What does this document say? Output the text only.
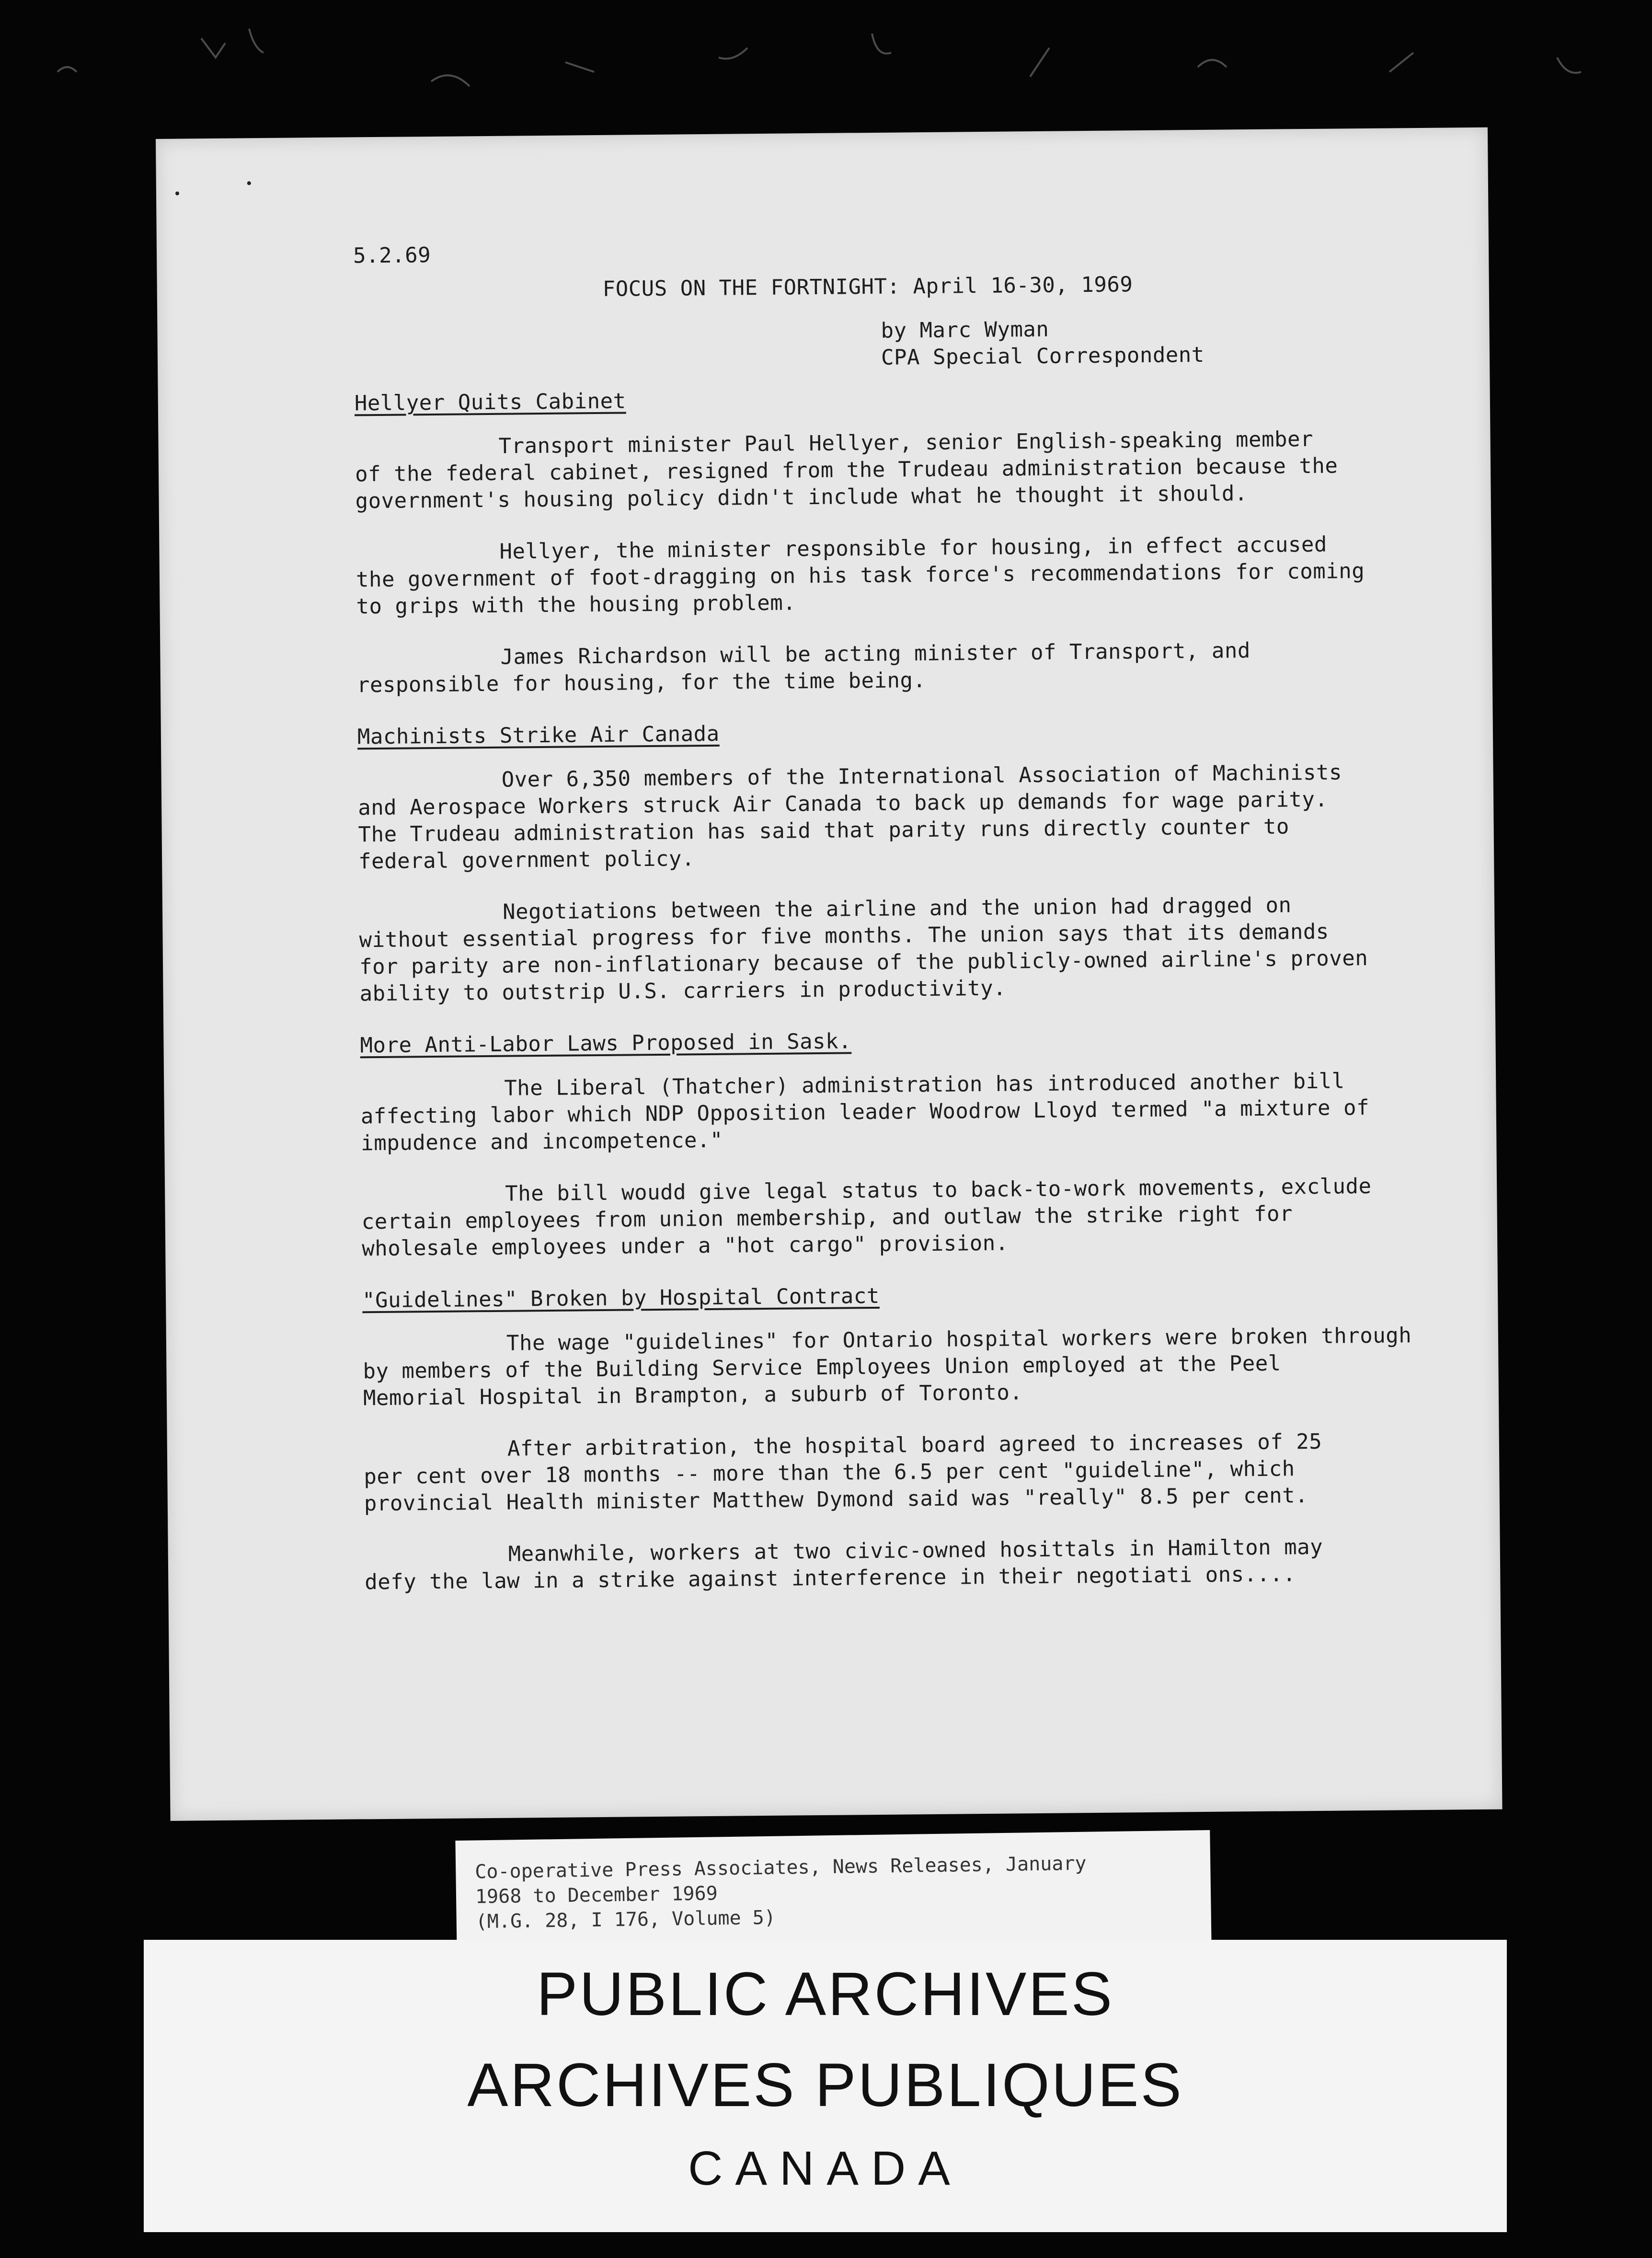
5.2.69
FOCUS ON THE FORTNIGHT: April 16-30, 1969
by Marc Wyman
CPA Special Correspondent
Hellyer Quits Cabinet
Transport minister Paul Hellyer, senior English-speaking member
of the federal cabinet, resigned from the Trudeau administration because the
government's housing policy didn't include what he thought it should.
Hellyer, the minister responsible for housing, in effect accused
the government of foot-dragging on his task force's recommendations for coming
to grips with the housing problem.
James Richardson will be acting minister of Transport, and
responsible for housing, for the time being.
Machinists Strike Air Canada
Over 6,350 members of the International Association of Machinists
and Aerospace Workers struck Air Canada to back up demands for wage parity.
The Trudeau administration has said that parity runs directly counter to
federal government policy.
Negotiations between the airline and the union had dragged on
without essential progress for five months. The union says that its demands
for parity are non-inflationary because of the publicly-owned airline's proven
ability to outstrip U.S. carriers in productivity.
More Anti-Labor Laws Proposed in Sask.
The Liberal (Thatcher) administration has introduced another bill
affecting labor which NDP Opposition leader Woodrow Lloyd termed "a mixture of
impudence and incompetence."
The bill woudd give legal status to back-to-work movements, exclude
certain employees from union membership, and outlaw the strike right for
wholesale employees under a "hot cargo" provision.
"Guidelines" Broken by Hospital Contract
The wage "guidelines" for Ontario hospital workers were broken through
by members of the Building Service Employees Union employed at the Peel
Memorial Hospital in Brampton, a suburb of Toronto.
After arbitration, the hospital board agreed to increases of 25
per cent over 18 months -- more than the 6.5 per cent "guideline", which
provincial Health minister Matthew Dymond said was "really" 8.5 per cent.
Meanwhile, workers at two civic-owned hosittals in Hamilton may
defy the law in a strike against interference in their negotiati ons....
Co-operative Press Associates, News Releases, January
1968 to December 1969
(M.G. 28, I 176, Volume 5)
PUBLIC ARCHIVES
ARCHIVES PUBLIQUES
CANADA
